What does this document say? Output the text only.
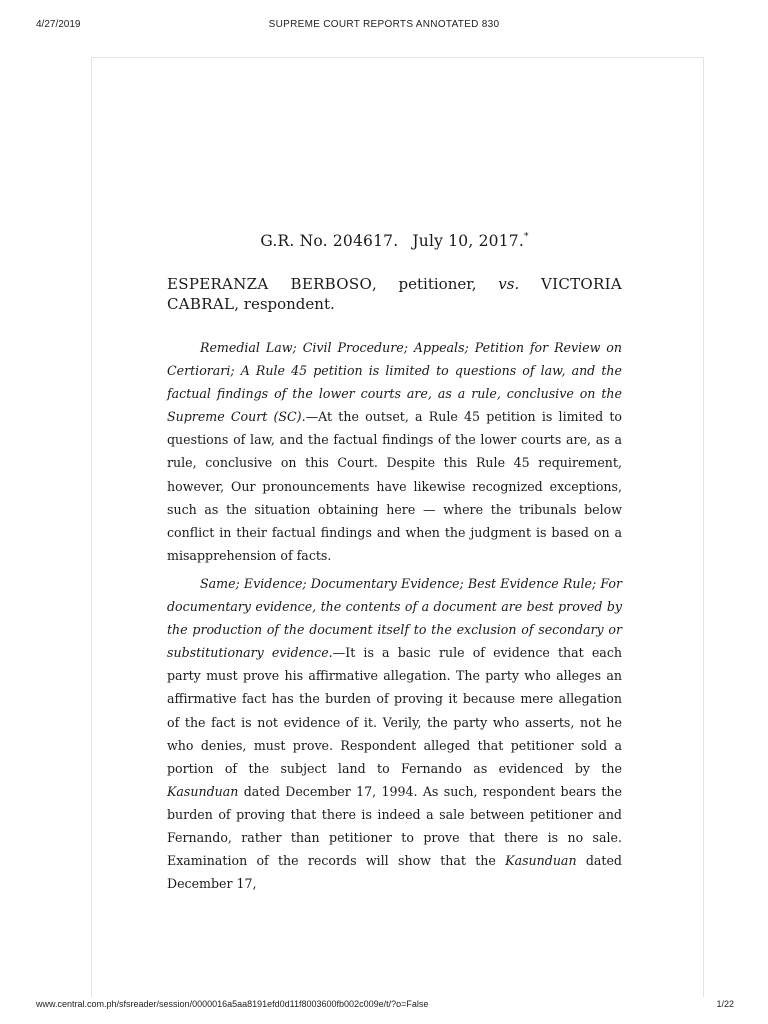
4/27/2019	SUPREME COURT REPORTS ANNOTATED 830
G.R. No. 204617. July 10, 2017.*

ESPERANZA BERBOSO, petitioner, vs. VICTORIA CABRAL, respondent.

Remedial Law; Civil Procedure; Appeals; Petition for Review on Certiorari; A Rule 45 petition is limited to questions of law, and the factual findings of the lower courts are, as a rule, conclusive on the Supreme Court (SC).—At the outset, a Rule 45 petition is limited to questions of law, and the factual findings of the lower courts are, as a rule, conclusive on this Court. Despite this Rule 45 requirement, however, Our pronouncements have likewise recognized exceptions, such as the situation obtaining here — where the tribunals below conflict in their factual findings and when the judgment is based on a misapprehension of facts.

Same; Evidence; Documentary Evidence; Best Evidence Rule; For documentary evidence, the contents of a document are best proved by the production of the document itself to the exclusion of secondary or substitutionary evidence.—It is a basic rule of evidence that each party must prove his affirmative allegation. The party who alleges an affirmative fact has the burden of proving it because mere allegation of the fact is not evidence of it. Verily, the party who asserts, not he who denies, must prove. Respondent alleged that petitioner sold a portion of the subject land to Fernando as evidenced by the Kasunduan dated December 17, 1994. As such, respondent bears the burden of proving that there is indeed a sale between petitioner and Fernando, rather than petitioner to prove that there is no sale. Examination of the records will show that the Kasunduan dated December 17,

www.central.com.ph/sfsreader/session/0000016a5aa8191efd0d11f8003600fb002c009e/t/?o=False	1/22
